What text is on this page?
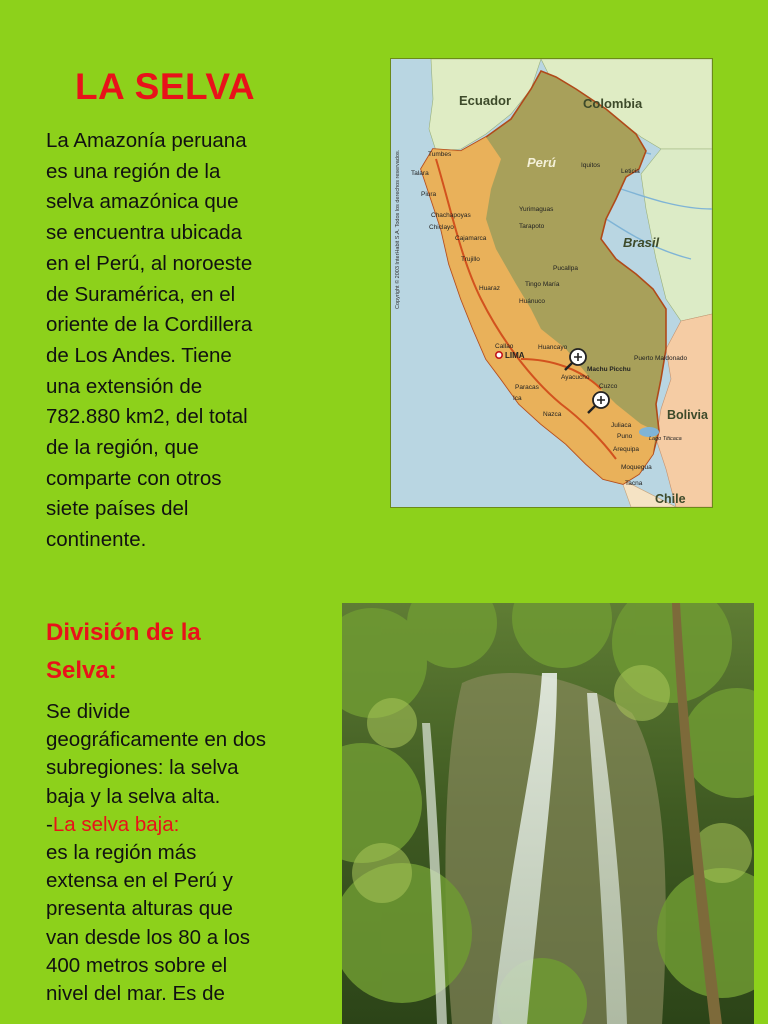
LA SELVA
La Amazonía peruana
es una región de la
selva amazónica que
se encuentra ubicada
en el Perú, al noroeste
de Suramérica, en el
oriente de la Cordillera
de Los Andes. Tiene
una extensión de
782.880 km2, del total
de la región, que
comparte con otros
siete países del
continente.
Copyright © 2003 InterHabit S.A. Todos los derechos reservados.
Ecuador	Colombia
Perú
Brasil
Bolivia
Chile
Tumbes
Talara
Piura
Iquitos
Leticia
Chachapoyas
Chiclayo
Cajamarca
Yurimaguas
Tarapoto
Trujillo
Pucallpa
Tingo María
Huaraz
Huánuco
Callao	Huancayo
Machu Picchu
Puerto Maldonado
Ayacucho
Paracas
Ica
Cuzco
Nazca
Juliaca
Puno
Arequipa
Moquegua
Tacna
Lago Titicaca
LIMA
División de la
Selva:
Se divide
geográficamente en dos
subregiones: la selva
baja y la selva alta.
-La selva baja:
es la región más
extensa en el Perú y
presenta alturas que
van desde los 80 a los
400 metros sobre el
nivel del mar. Es de
